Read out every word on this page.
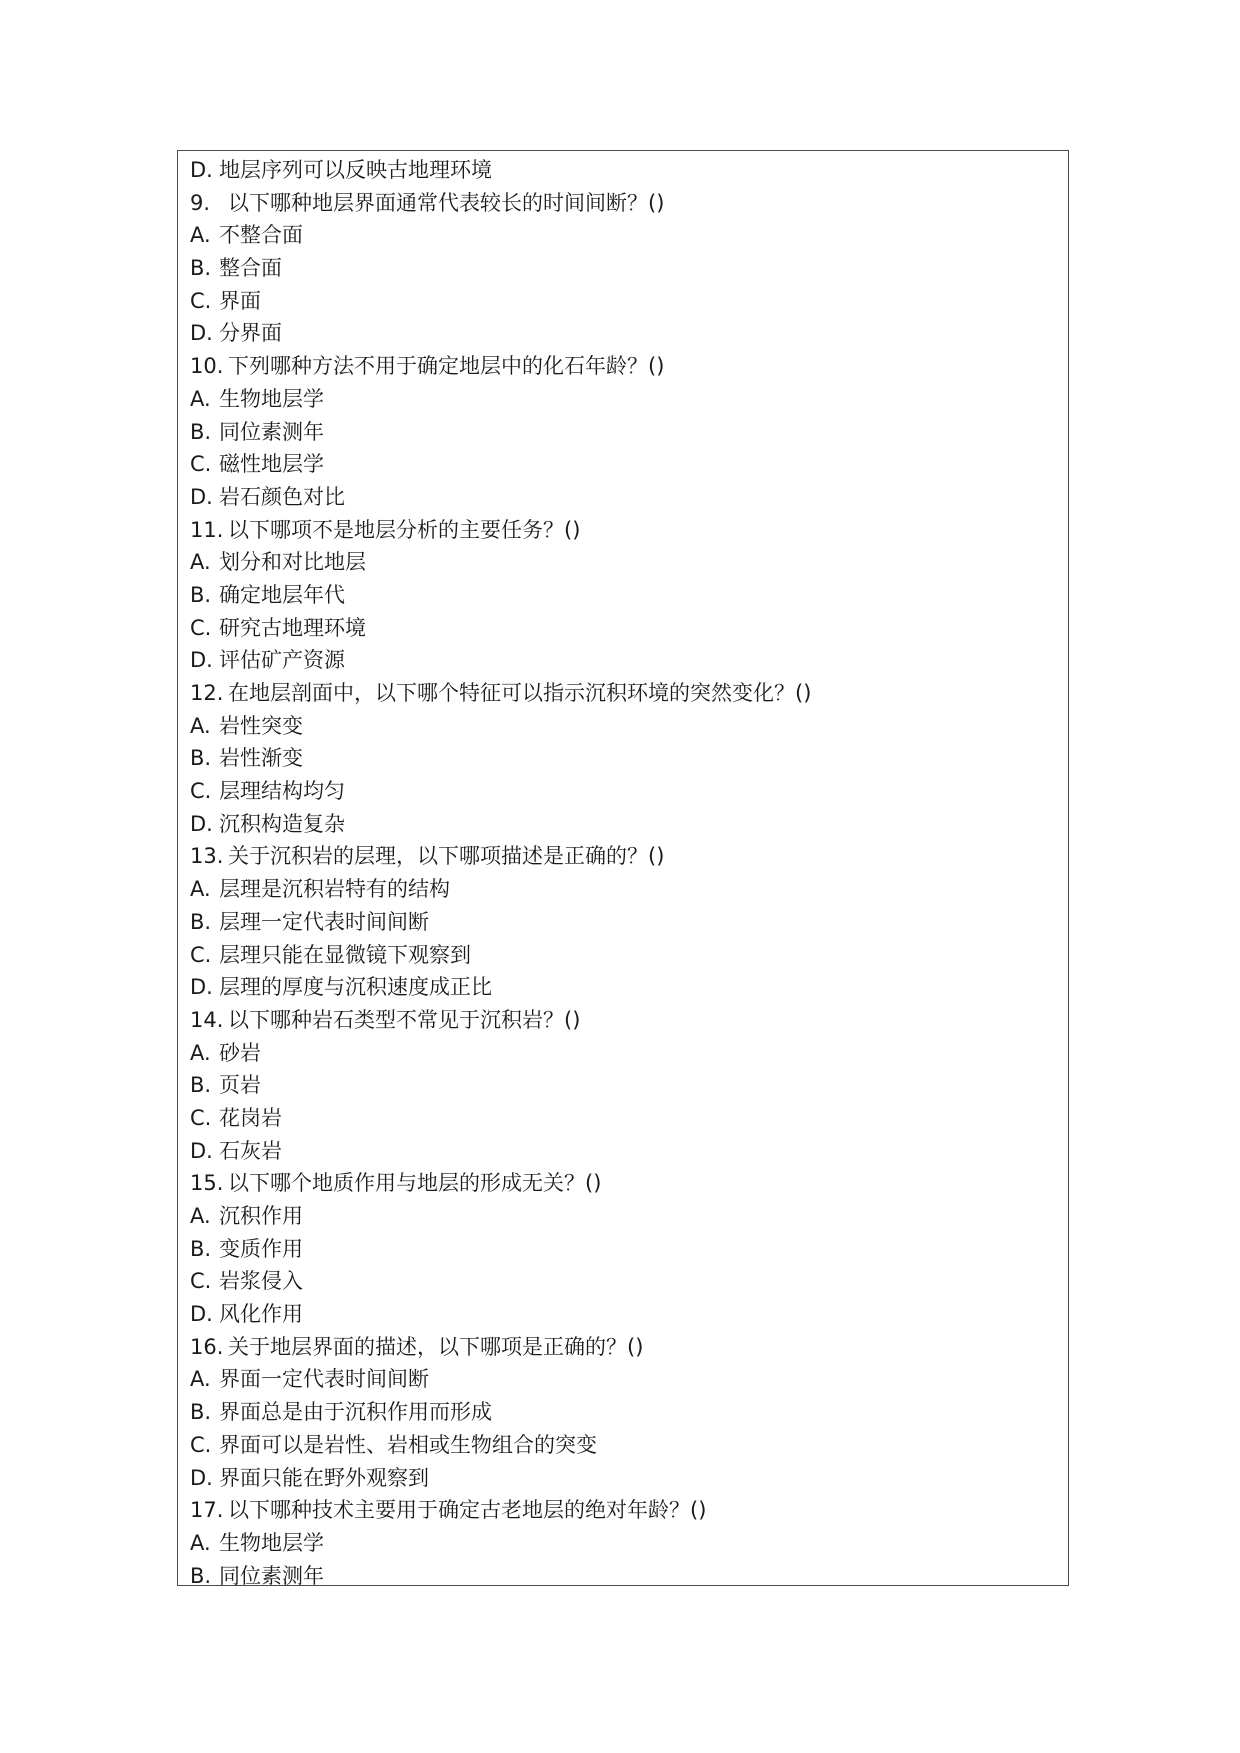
D. 地层序列可以反映古地理环境
9. 以下哪种地层界面通常代表较长的时间间断？()
A. 不整合面
B. 整合面
C. 界面
D. 分界面
10. 下列哪种方法不用于确定地层中的化石年龄？()
A. 生物地层学
B. 同位素测年
C. 磁性地层学
D. 岩石颜色对比
11. 以下哪项不是地层分析的主要任务？()
A. 划分和对比地层
B. 确定地层年代
C. 研究古地理环境
D. 评估矿产资源
12. 在地层剖面中，以下哪个特征可以指示沉积环境的突然变化？()
A. 岩性突变
B. 岩性渐变
C. 层理结构均匀
D. 沉积构造复杂
13. 关于沉积岩的层理，以下哪项描述是正确的？()
A. 层理是沉积岩特有的结构
B. 层理一定代表时间间断
C. 层理只能在显微镜下观察到
D. 层理的厚度与沉积速度成正比
14. 以下哪种岩石类型不常见于沉积岩？()
A. 砂岩
B. 页岩
C. 花岗岩
D. 石灰岩
15. 以下哪个地质作用与地层的形成无关？()
A. 沉积作用
B. 变质作用
C. 岩浆侵入
D. 风化作用
16. 关于地层界面的描述，以下哪项是正确的？()
A. 界面一定代表时间间断
B. 界面总是由于沉积作用而形成
C. 界面可以是岩性、岩相或生物组合的突变
D. 界面只能在野外观察到
17. 以下哪种技术主要用于确定古老地层的绝对年龄？()
A. 生物地层学
B. 同位素测年
